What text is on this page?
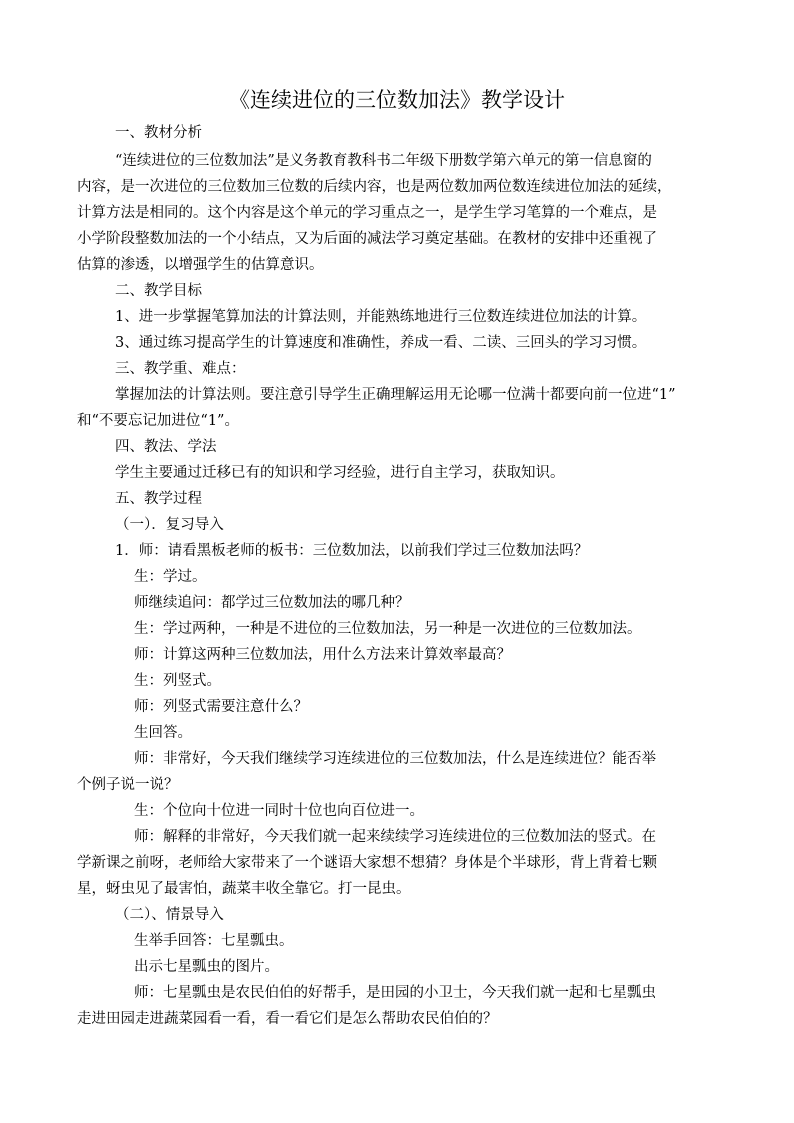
《连续进位的三位数加法》教学设计
一、教材分析
“连续进位的三位数加法”是义务教育教科书二年级下册数学第六单元的第一信息窗的
内容，是一次进位的三位数加三位数的后续内容，也是两位数加两位数连续进位加法的延续，
计算方法是相同的。这个内容是这个单元的学习重点之一，是学生学习笔算的一个难点，是
小学阶段整数加法的一个小结点，又为后面的减法学习奠定基础。在教材的安排中还重视了
估算的渗透，以增强学生的估算意识。
二、教学目标
1、进一步掌握笔算加法的计算法则，并能熟练地进行三位数连续进位加法的计算。
3、通过练习提高学生的计算速度和准确性，养成一看、二读、三回头的学习习惯。
三、教学重、难点：
掌握加法的计算法则。要注意引导学生正确理解运用无论哪一位满十都要向前一位进“1”
和“不要忘记加进位“1”。
四、教法、学法
学生主要通过迁移已有的知识和学习经验，进行自主学习，获取知识。
五、教学过程
（一）．复习导入
1．师：请看黑板老师的板书：三位数加法，以前我们学过三位数加法吗？
生：学过。
师继续追问：都学过三位数加法的哪几种？
生：学过两种，一种是不进位的三位数加法，另一种是一次进位的三位数加法。
师：计算这两种三位数加法，用什么方法来计算效率最高？
生：列竖式。
师：列竖式需要注意什么？
生回答。
师：非常好，今天我们继续学习连续进位的三位数加法，什么是连续进位？能否举
个例子说一说？
生：个位向十位进一同时十位也向百位进一。
师：解释的非常好，今天我们就一起来续续学习连续进位的三位数加法的竖式。在
学新课之前呀，老师给大家带来了一个谜语大家想不想猜？身体是个半球形，背上背着七颗
星，蚜虫见了最害怕，蔬菜丰收全靠它。打一昆虫。
（二）、情景导入
生举手回答：七星瓢虫。
出示七星瓢虫的图片。
师：七星瓢虫是农民伯伯的好帮手，是田园的小卫士，今天我们就一起和七星瓢虫
走进田园走进蔬菜园看一看，看一看它们是怎么帮助农民伯伯的？
